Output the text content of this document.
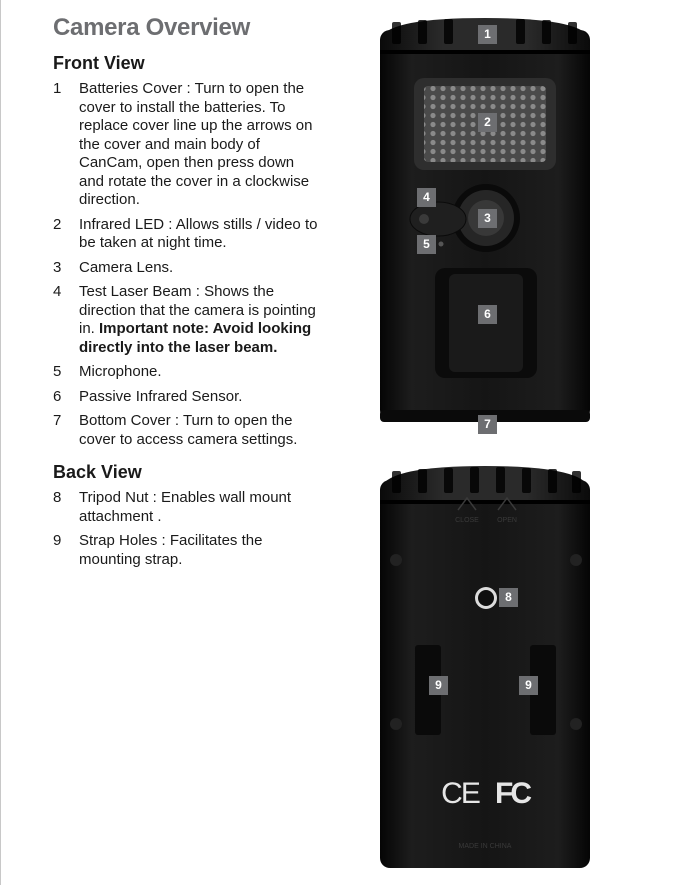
Camera Overview
Front View
1	Batteries Cover : Turn to open the cover to install the batteries. To replace cover line up the arrows on the cover and main body of CanCam, open then press down and rotate the cover in a clockwise direction.
2	Infrared LED : Allows stills / video to be taken at night time.
3	Camera Lens.
4	Test Laser Beam : Shows the direction that the camera is pointing in. Important note: Avoid looking directly into the laser beam.
5	Microphone.
6	Passive Infrared Sensor.
7	Bottom Cover : Turn to open the cover to access camera settings.
Back View
8	Tripod Nut : Enables wall mount attachment .
9	Strap Holes : Facilitates the mounting strap.
1
2
3
4
5
6
7
CLOSE	OPEN
CE FC
MADE IN CHINA
8
9	9
